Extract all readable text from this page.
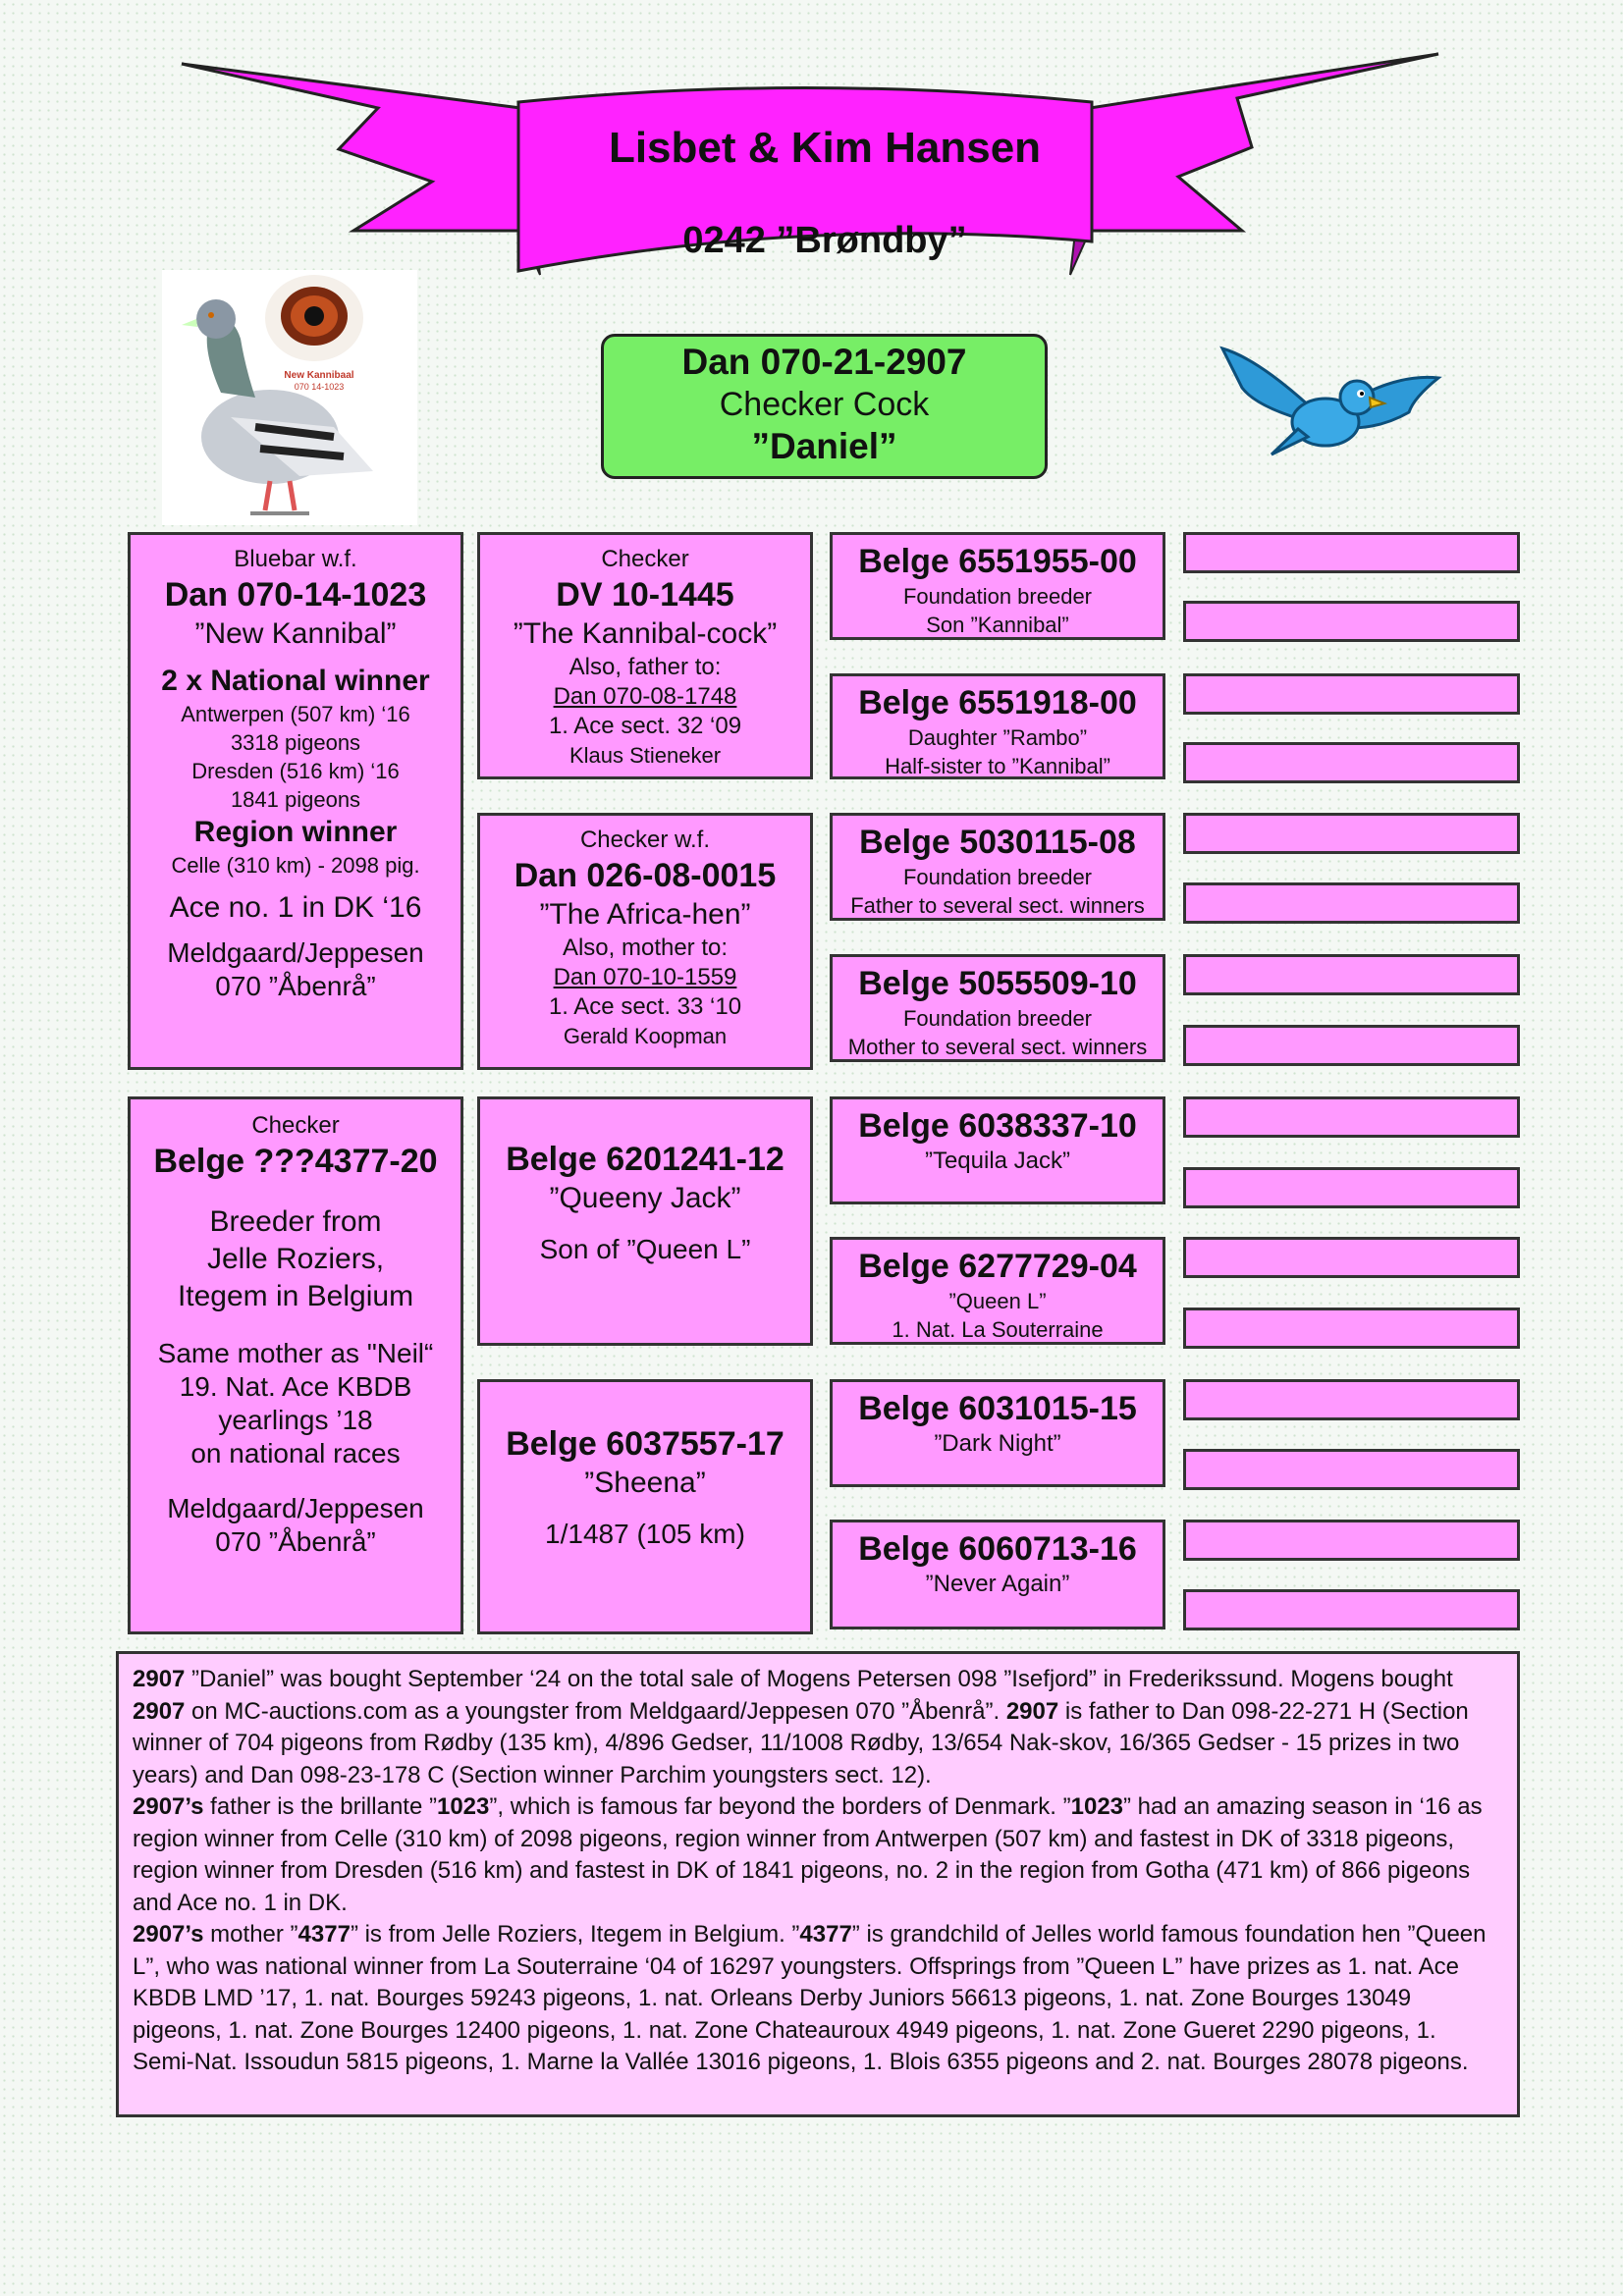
Lisbet & Kim Hansen
0242 ”Brøndby”
New Kannibaal
070 14-1023
Dan 070-21-2907
Checker Cock
”Daniel”
Bluebar w.f.
Dan 070-14-1023
”New Kannibal”
2 x National winner
Antwerpen (507 km) ‘16
3318 pigeons
Dresden (516 km) ‘16
1841 pigeons
Region winner
Celle (310 km) - 2098 pig.
Ace no. 1 in DK ‘16
Meldgaard/Jeppesen
070 ”Åbenrå”
Checker
Belge ???4377-20
Breeder from
Jelle Roziers,
Itegem in Belgium
Same mother as "Neil“
19. Nat. Ace KBDB
yearlings ’18
on national races
Meldgaard/Jeppesen
070 ”Åbenrå”
Checker
DV 10-1445
”The Kannibal-cock”
Also, father to:
Dan 070-08-1748
1. Ace sect. 32 ‘09
Klaus Stieneker
Checker w.f.
Dan 026-08-0015
”The Africa-hen”
Also, mother to:
Dan 070-10-1559
1. Ace sect. 33 ‘10
Gerald Koopman
Belge 6201241-12
”Queeny Jack”
Son of ”Queen L”
Belge 6037557-17
”Sheena”
1/1487 (105 km)
Belge 6551955-00
Foundation breeder
Son ”Kannibal”
Belge 6551918-00
Daughter ”Rambo”
Half-sister to ”Kannibal”
Belge 5030115-08
Foundation breeder
Father to several sect. winners
Belge 5055509-10
Foundation breeder
Mother to several sect. winners
Belge 6038337-10
”Tequila Jack”
Belge 6277729-04
”Queen L”
1. Nat. La Souterraine
Belge 6031015-15
”Dark Night”
Belge 6060713-16
”Never Again”

2907 ”Daniel” was bought September ‘24 on the total sale of Mogens Petersen 098 ”Isefjord” in Frederikssund. Mogens bought 2907 on MC-auctions.com as a youngster from Meldgaard/Jeppesen 070 ”Åbenrå”. 2907 is father to Dan 098-22-271 H (Section winner of 704 pigeons from Rødby (135 km), 4/896 Gedser, 11/1008 Rødby, 13/654 Nak-skov, 16/365 Gedser - 15 prizes in two years) and Dan 098-23-178 C (Section winner Parchim youngsters sect. 12).

2907’s father is the brillante ”1023”, which is famous far beyond the borders of Denmark. ”1023” had an amazing season in ‘16 as region winner from Celle (310 km) of 2098 pigeons, region winner from Antwerpen (507 km) and fastest in DK of 3318 pigeons, region winner from Dresden (516 km) and fastest in DK of 1841 pigeons, no. 2 in the region from Gotha (471 km) of 866 pigeons and Ace no. 1 in DK.

2907’s mother ”4377” is from Jelle Roziers, Itegem in Belgium. ”4377” is grandchild of Jelles world famous foundation hen ”Queen L”, who was national winner from La Souterraine ‘04 of 16297 youngsters. Offsprings from ”Queen L” have prizes as 1. nat. Ace KBDB LMD ’17, 1. nat. Bourges 59243 pigeons, 1. nat. Orleans Derby Juniors 56613 pigeons, 1. nat. Zone Bourges 13049 pigeons, 1. nat. Zone Bourges 12400 pigeons, 1. nat. Zone Chateauroux 4949 pigeons, 1. nat. Zone Gueret 2290 pigeons, 1. Semi-Nat. Issoudun 5815 pigeons, 1. Marne la Vallée 13016 pigeons, 1. Blois 6355 pigeons and 2. nat. Bourges 28078 pigeons.
